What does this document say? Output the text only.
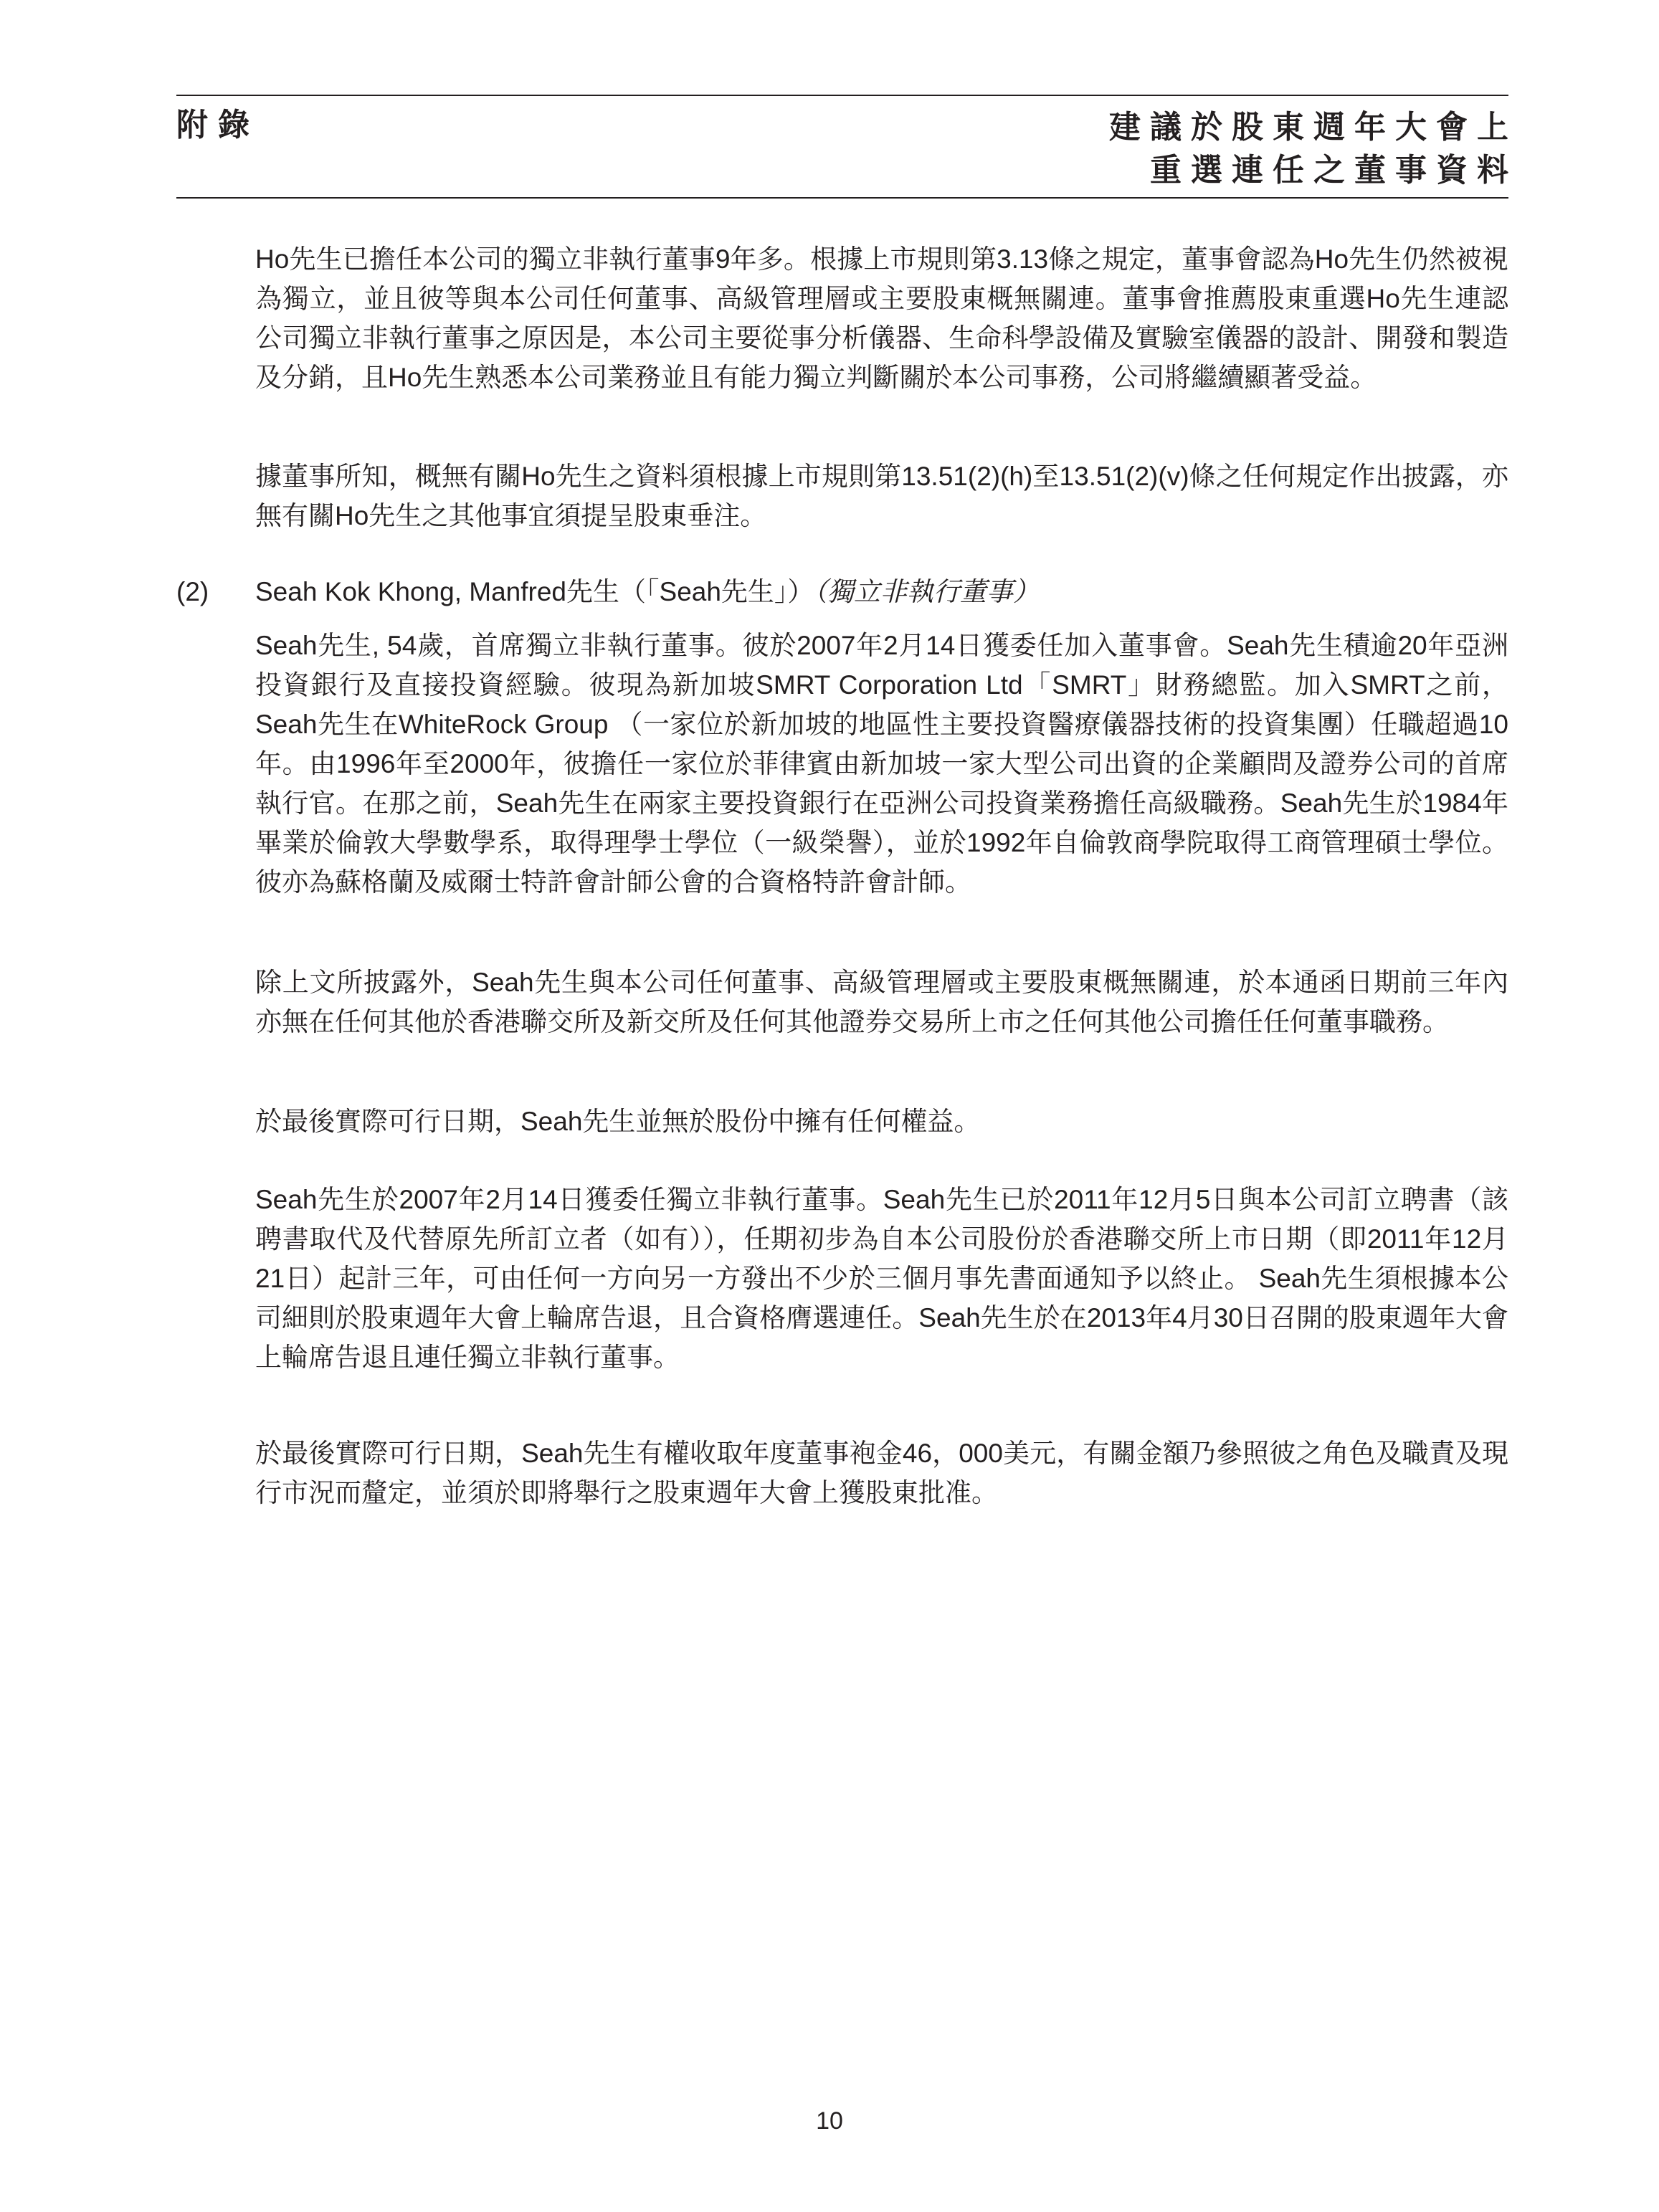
附錄	建議於股東週年大會上
重選連任之董事資料
Ho先生已擔任本公司的獨立非執行董事9年多。根據上市規則第3.13條之規定，董事會認為Ho先生仍然被視為獨立，並且彼等與本公司任何董事、高級管理層或主要股東概無關連。董事會推薦股東重選Ho先生連認公司獨立非執行董事之原因是，本公司主要從事分析儀器、生命科學設備及實驗室儀器的設計、開發和製造及分銷，且Ho先生熟悉本公司業務並且有能力獨立判斷關於本公司事務，公司將繼續顯著受益。
據董事所知，概無有關Ho先生之資料須根據上市規則第13.51(2)(h)至13.51(2)(v)條之任何規定作出披露，亦無有關Ho先生之其他事宜須提呈股東垂注。
(2) Seah Kok Khong, Manfred先生（「Seah先生」）（獨立非執行董事）
Seah先生, 54歲，首席獨立非執行董事。彼於2007年2月14日獲委任加入董事會。Seah先生積逾20年亞洲投資銀行及直接投資經驗。彼現為新加坡SMRT Corporation Ltd「SMRT」財務總監。加入SMRT之前，Seah先生在WhiteRock Group （一家位於新加坡的地區性主要投資醫療儀器技術的投資集團）任職超過10年。由1996年至2000年，彼擔任一家位於菲律賓由新加坡一家大型公司出資的企業顧問及證券公司的首席執行官。在那之前，Seah先生在兩家主要投資銀行在亞洲公司投資業務擔任高級職務。Seah先生於1984年畢業於倫敦大學數學系，取得理學士學位（一級榮譽），並於1992年自倫敦商學院取得工商管理碩士學位。彼亦為蘇格蘭及威爾士特許會計師公會的合資格特許會計師。
除上文所披露外，Seah先生與本公司任何董事、高級管理層或主要股東概無關連，於本通函日期前三年內亦無在任何其他於香港聯交所及新交所及任何其他證券交易所上市之任何其他公司擔任任何董事職務。
於最後實際可行日期，Seah先生並無於股份中擁有任何權益。
Seah先生於2007年2月14日獲委任獨立非執行董事。Seah先生已於2011年12月5日與本公司訂立聘書（該聘書取代及代替原先所訂立者（如有）），任期初步為自本公司股份於香港聯交所上市日期（即2011年12月21日）起計三年，可由任何一方向另一方發出不少於三個月事先書面通知予以終止。 Seah先生須根據本公司細則於股東週年大會上輪席告退，且合資格膺選連任。Seah先生於在2013年4月30日召開的股東週年大會上輪席告退且連任獨立非執行董事。
於最後實際可行日期，Seah先生有權收取年度董事袍金46，000美元，有關金額乃參照彼之角色及職責及現行市況而釐定，並須於即將舉行之股東週年大會上獲股東批准。
10
